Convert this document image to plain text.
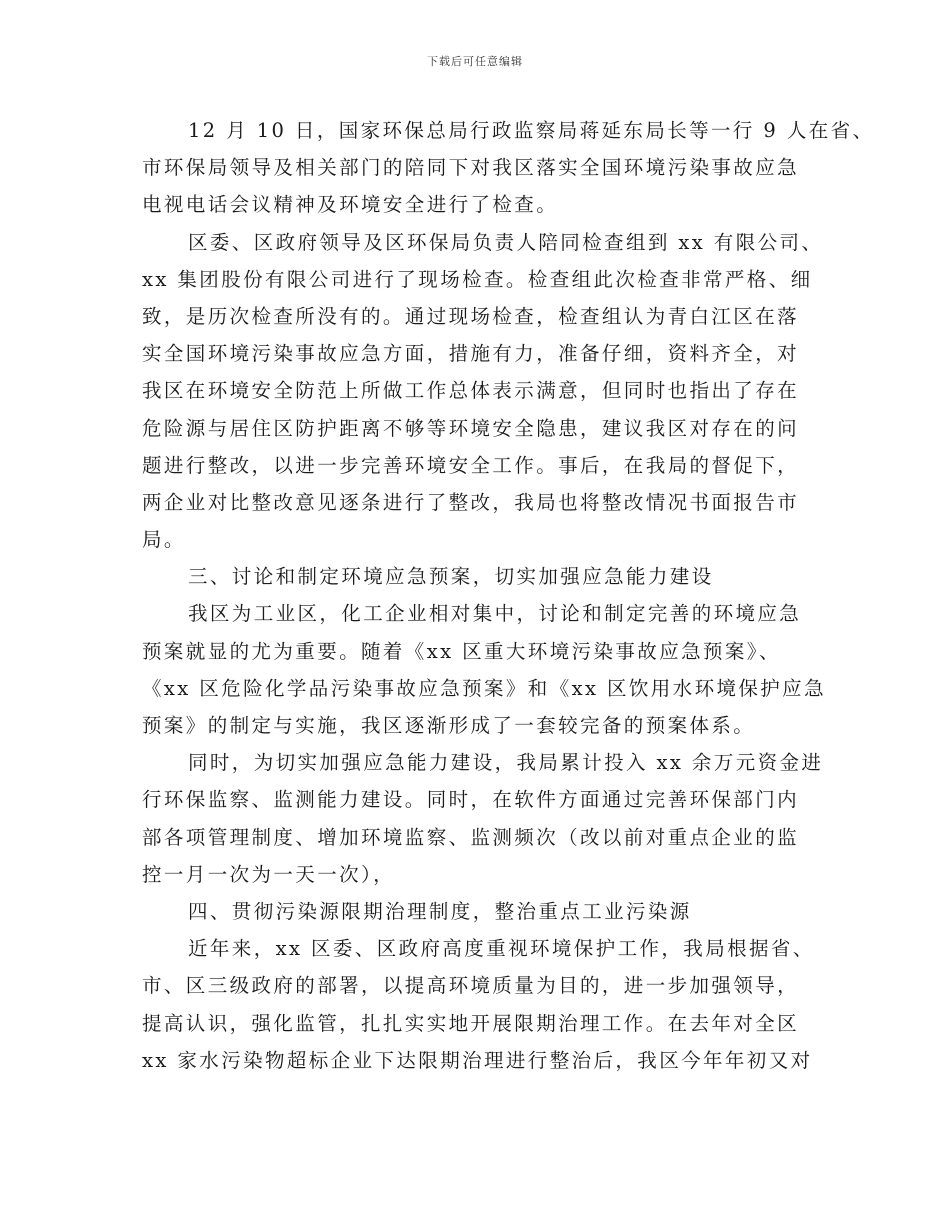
下载后可任意编辑
12 月 10 日，国家环保总局行政监察局蒋延东局长等一行 9 人在省、
市环保局领导及相关部门的陪同下对我区落实全国环境污染事故应急
电视电话会议精神及环境安全进行了检查。
区委、区政府领导及区环保局负责人陪同检查组到 xx 有限公司、
xx 集团股份有限公司进行了现场检查。检查组此次检查非常严格、细
致，是历次检查所没有的。通过现场检查，检查组认为青白江区在落
实全国环境污染事故应急方面，措施有力，准备仔细，资料齐全，对
我区在环境安全防范上所做工作总体表示满意，但同时也指出了存在
危险源与居住区防护距离不够等环境安全隐患，建议我区对存在的问
题进行整改，以进一步完善环境安全工作。事后，在我局的督促下，
两企业对比整改意见逐条进行了整改，我局也将整改情况书面报告市
局。
三、讨论和制定环境应急预案，切实加强应急能力建设
我区为工业区，化工企业相对集中，讨论和制定完善的环境应急
预案就显的尤为重要。随着《xx 区重大环境污染事故应急预案》、
《xx 区危险化学品污染事故应急预案》和《xx 区饮用水环境保护应急
预案》的制定与实施，我区逐渐形成了一套较完备的预案体系。
同时，为切实加强应急能力建设，我局累计投入 xx 余万元资金进
行环保监察、监测能力建设。同时，在软件方面通过完善环保部门内
部各项管理制度、增加环境监察、监测频次（改以前对重点企业的监
控一月一次为一天一次），
四、贯彻污染源限期治理制度，整治重点工业污染源
近年来，xx 区委、区政府高度重视环境保护工作，我局根据省、
市、区三级政府的部署，以提高环境质量为目的，进一步加强领导，
提高认识，强化监管，扎扎实实地开展限期治理工作。在去年对全区
xx 家水污染物超标企业下达限期治理进行整治后，我区今年年初又对
